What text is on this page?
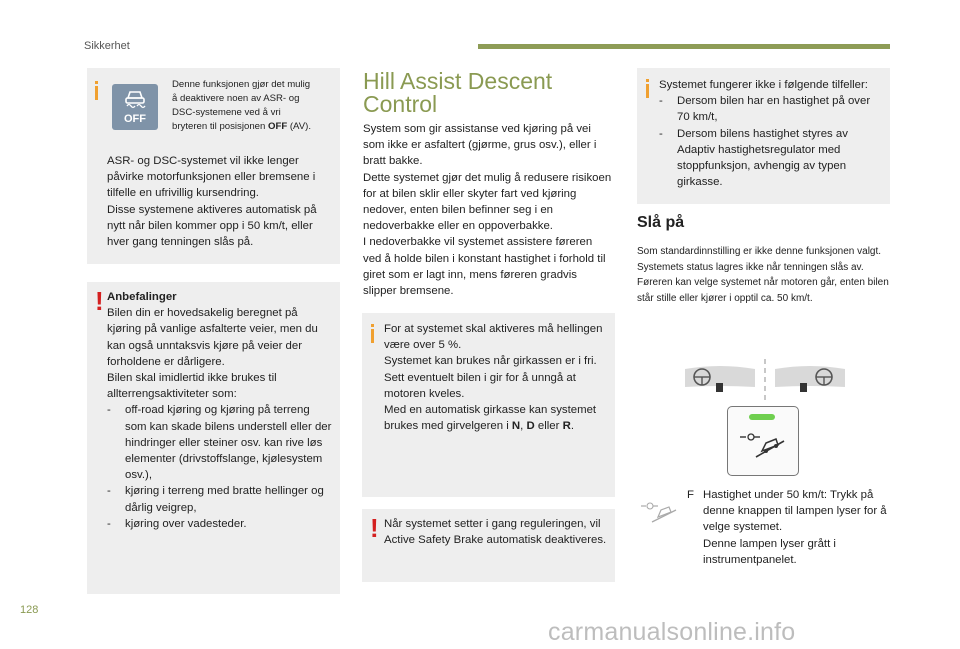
Sikkerhet
OFF
Denne funksjonen gjør det mulig
å deaktivere noen av ASR- og
DSC-systemene ved å vri
bryteren til posisjonen OFF (AV).

ASR- og DSC-systemet vil ikke lenger påvirke motorfunksjonen eller bremsene i tilfelle en ufrivillig kursendring.

Disse systemene aktiveres automatisk på nytt når bilen kommer opp i 50 km/t, eller hver gang tenningen slås på.

! Anbefalinger

Bilen din er hovedsakelig beregnet på kjøring på vanlige asfalterte veier, men du kan også unntaksvis kjøre på veier der forholdene er dårligere.

Bilen skal imidlertid ikke brukes til allterrengsaktiviteter som:

- off-road kjøring og kjøring på terreng som kan skade bilens understell eller der hindringer eller steiner osv. kan rive løs elementer (drivstoffslange, kjølesystem osv.),
- kjøring i terreng med bratte hellinger og dårlig veigrep,
- kjøring over vadesteder.
Hill Assist Descent
Control

System som gir assistanse ved kjøring på vei som ikke er asfaltert (gjørme, grus osv.), eller i bratt bakke.

Dette systemet gjør det mulig å redusere risikoen for at bilen sklir eller skyter fart ved kjøring nedover, enten bilen befinner seg i en nedoverbakke eller en oppoverbakke.

I nedoverbakke vil systemet assistere føreren ved å holde bilen i konstant hastighet i forhold til giret som er lagt inn, mens føreren gradvis slipper bremsene.

For at systemet skal aktiveres må hellingen være over 5 %.

Systemet kan brukes når girkassen er i fri. Sett eventuelt bilen i gir for å unngå at motoren kveles.

Med en automatisk girkasse kan systemet brukes med girvelgeren i N, D eller R.

! Når systemet setter i gang reguleringen, vil Active Safety Brake automatisk deaktiveres.

Systemet fungerer ikke i følgende tilfeller:

- Dersom bilen har en hastighet på over 70 km/t,
- Dersom bilens hastighet styres av Adaptiv hastighetsregulator med stoppfunksjon, avhengig av typen girkasse.
Slå på

Som standardinnstilling er ikke denne funksjonen valgt.

Systemets status lagres ikke når tenningen slås av.

Føreren kan velge systemet når motoren går, enten bilen står stille eller kjører i opptil ca. 50 km/t.

F Hastighet under 50 km/t: Trykk på denne knappen til lampen lyser for å velge systemet.
Denne lampen lyser grått i instrumentpanelet.
128
carmanualsonline.info
